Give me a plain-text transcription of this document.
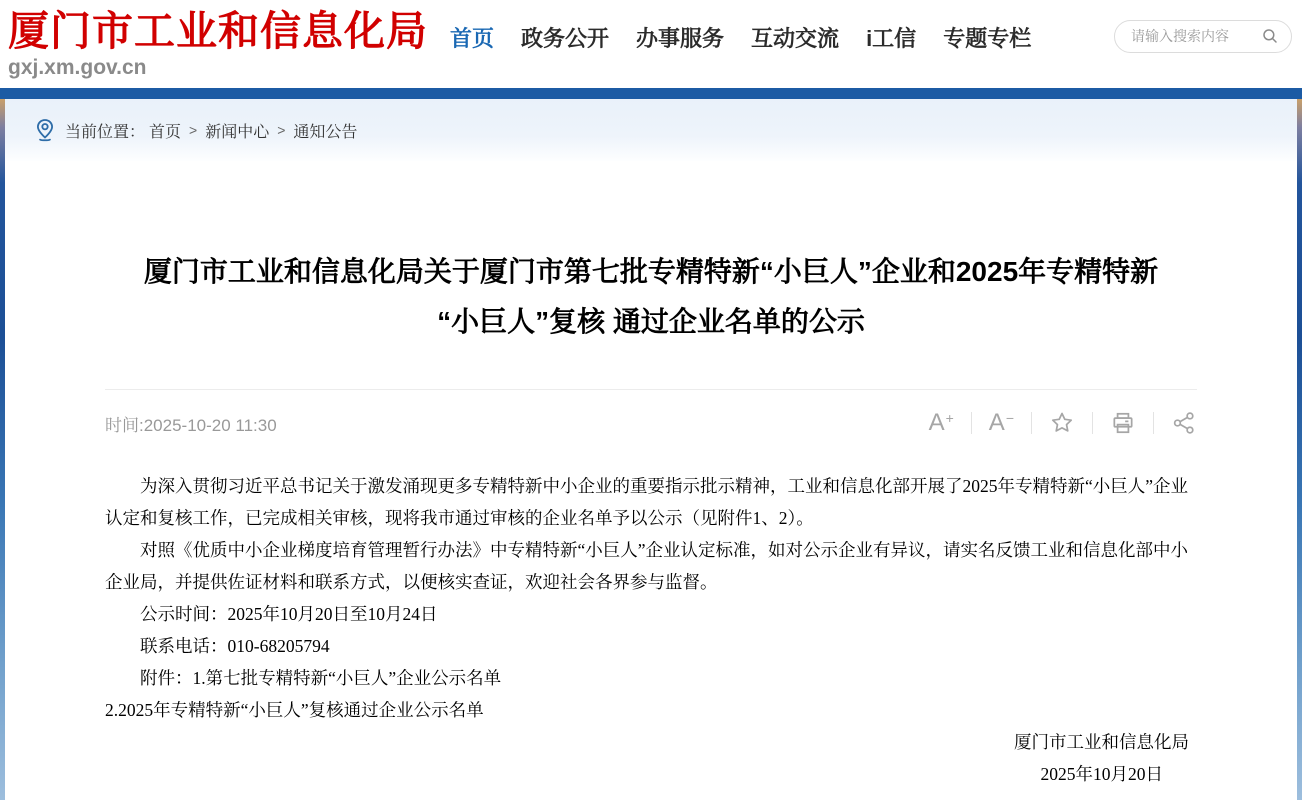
厦门市工业和信息化局
gxj.xm.gov.cn
首页 政务公开 办事服务 互动交流 i工信 专题专栏
请输入搜索内容
当前位置： 首页 > 新闻中心 > 通知公告
厦门市工业和信息化局关于厦门市第七批专精特新“小巨人”企业和2025年专精特新
“小巨人”复核 通过企业名单的公示
时间:2025-10-20 11:30	A + A −

为深入贯彻习近平总书记关于激发涌现更多专精特新中小企业的重要指示批示精神，工业和信息化部开展了2025年专精特新“小巨人”企业认定和复核工作，已完成相关审核，现将我市通过审核的企业名单予以公示（见附件1、2）。

对照《优质中小企业梯度培育管理暂行办法》中专精特新“小巨人”企业认定标准，如对公示企业有异议，请实名反馈工业和信息化部中小企业局，并提供佐证材料和联系方式，以便核实查证，欢迎社会各界参与监督。

公示时间：2025年10月20日至10月24日

联系电话：010-68205794

附件：1.第七批专精特新“小巨人”企业公示名单

2.2025年专精特新“小巨人”复核通过企业公示名单

厦门市工业和信息化局
2025年10月20日
